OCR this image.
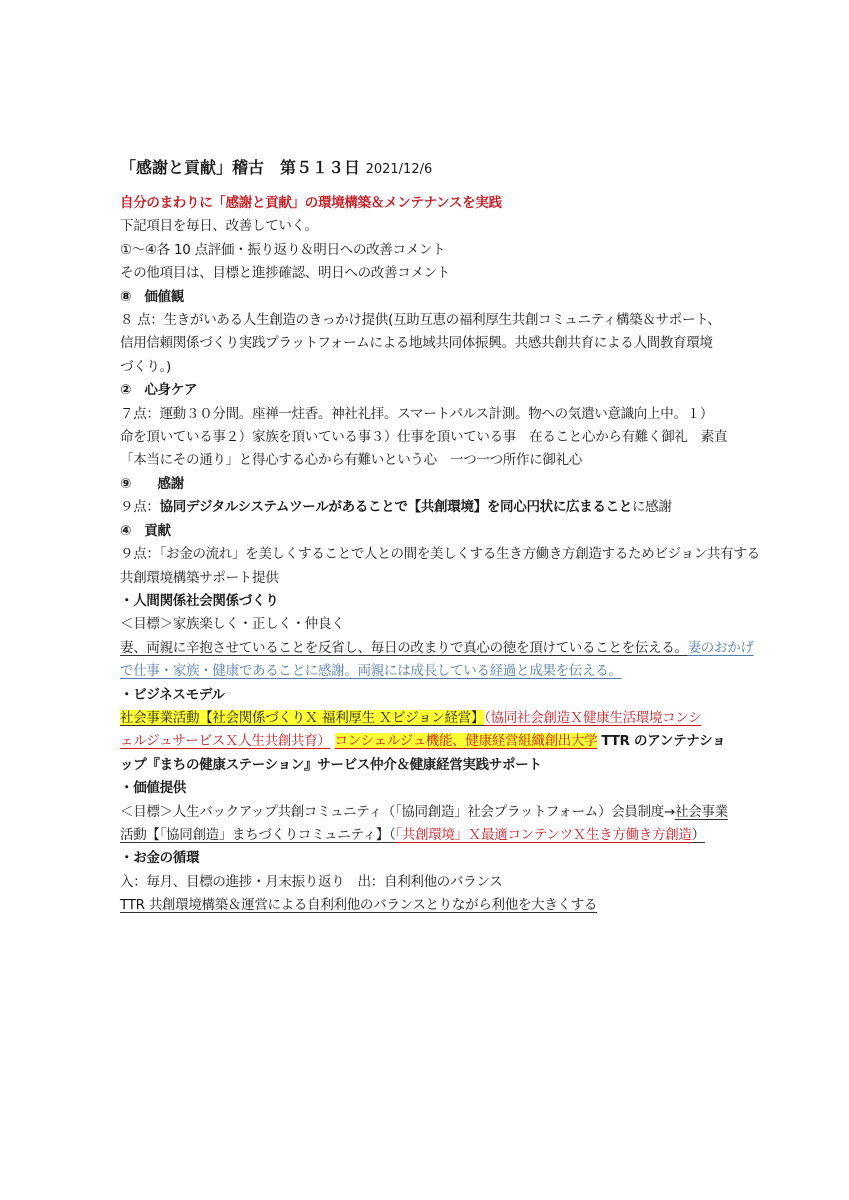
「感謝と貢献」稽古　第５１３日 2021/12/6
自分のまわりに「感謝と貢献」の環境構築＆メンテナンスを実践
下記項目を毎日、改善していく。
①～④各 10 点評価・振り返り＆明日への改善コメント
その他項目は、目標と進捗確認、明日への改善コメント
⑧　価値観
８ 点：生きがいある人生創造のきっかけ提供(互助互恵の福利厚生共創コミュニティ構築＆サポート、
信用信頼関係づくり実践プラットフォームによる地域共同体振興。共感共創共育による人間教育環境
づくり。)
②　心身ケア
７点：運動３０分間。座禅一炷香。神社礼拝。スマートパルス計測。物への気遣い意識向上中。１）
命を頂いている事２）家族を頂いている事３）仕事を頂いている事　在ること心から有難く御礼　素直
「本当にその通り」と得心する心から有難いという心　一つ一つ所作に御礼心
⑨　　感謝
９点：協同デジタルシステムツールがあることで【共創環境】を同心円状に広まることに感謝
④　貢献
９点：「お金の流れ」を美しくすることで人との間を美しくする生き方働き方創造するためビジョン共有する
共創環境構築サポート提供
・人間関係社会関係づくり
＜目標＞家族楽しく・正しく・仲良く
妻、両親に辛抱させていることを反省し、毎日の改まりで真心の徳を頂けていることを伝える。妻のおかげ
で仕事・家族・健康であることに感謝。両親には成長している経過と成果を伝える。
・ビジネスモデル
社会事業活動【社会関係づくりＸ 福利厚生 Ｘビジョン経営】（協同社会創造Ｘ健康生活環境コンシ
ェルジュサービスＸ人生共創共育） コンシェルジュ機能、健康経営組織創出大学 TTR のアンテナショ
ップ『まちの健康ステーション』サービス仲介＆健康経営実践サポート
・価値提供
＜目標＞人生バックアップ共創コミュニティ（「協同創造」社会プラットフォーム）会員制度→社会事業
活動【「協同創造」まちづくりコミュニティ】（「共創環境」Ｘ最適コンテンツＸ生き方働き方創造）
・お金の循環
入：毎月、目標の進捗・月末振り返り　出：自利利他のバランス
TTR 共創環境構築＆運営による自利利他のバランスとりながら利他を大きくする
